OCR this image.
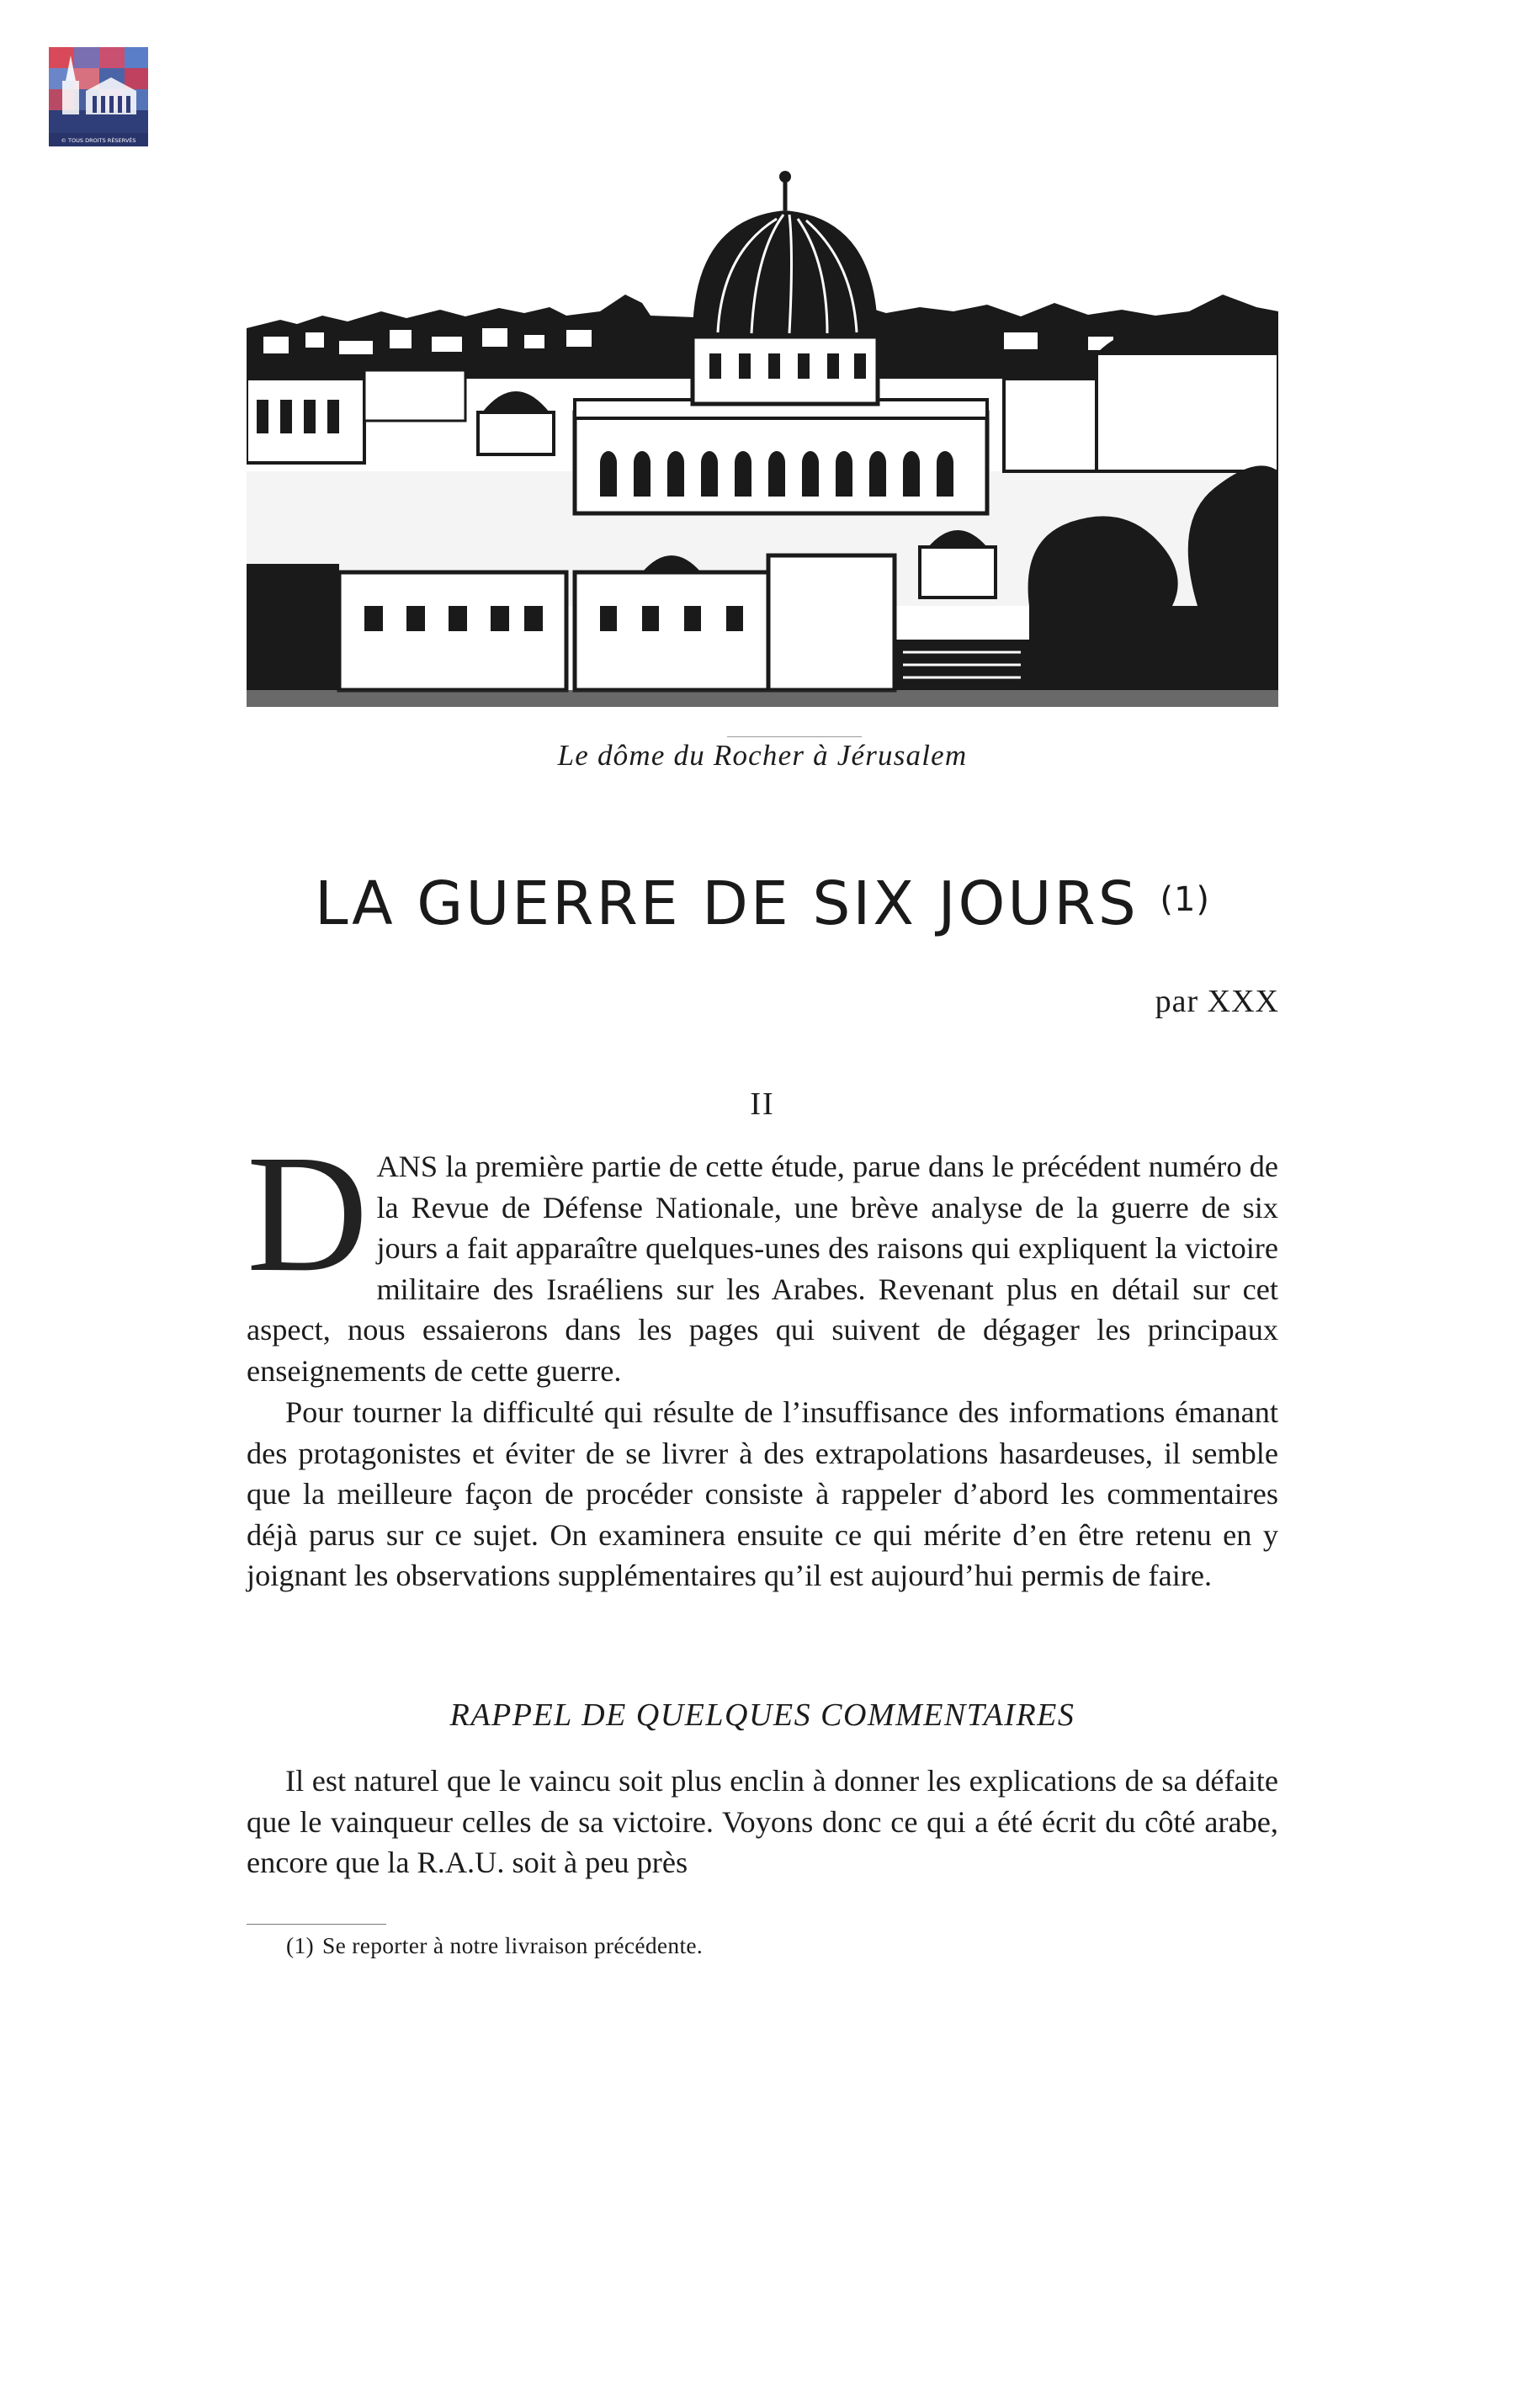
© TOUS DROITS RÉSERVÉS
Le dôme du Rocher à Jérusalem
LA GUERRE DE SIX JOURS $^{(1)}$
par XXX
II

DANS la première partie de cette étude, parue dans le précédent numéro de la Revue de Défense Nationale, une brève analyse de la guerre de six jours a fait apparaître quelques-unes des raisons qui expliquent la victoire militaire des Israéliens sur les Arabes. Revenant plus en détail sur cet aspect, nous essaierons dans les pages qui suivent de dégager les principaux enseignements de cette guerre.

Pour tourner la difficulté qui résulte de l’insuffisance des informations émanant des protagonistes et éviter de se livrer à des extrapolations hasardeuses, il semble que la meilleure façon de procéder consiste à rappeler d’abord les commentaires déjà parus sur ce sujet. On examinera ensuite ce qui mérite d’en être retenu en y joignant les observations supplémentaires qu’il est aujourd’hui permis de faire.

RAPPEL DE QUELQUES COMMENTAIRES

Il est naturel que le vaincu soit plus enclin à donner les explications de sa défaite que le vainqueur celles de sa victoire. Voyons donc ce qui a été écrit du côté arabe, encore que la R.A.U. soit à peu près

(1) Se reporter à notre livraison précédente.
